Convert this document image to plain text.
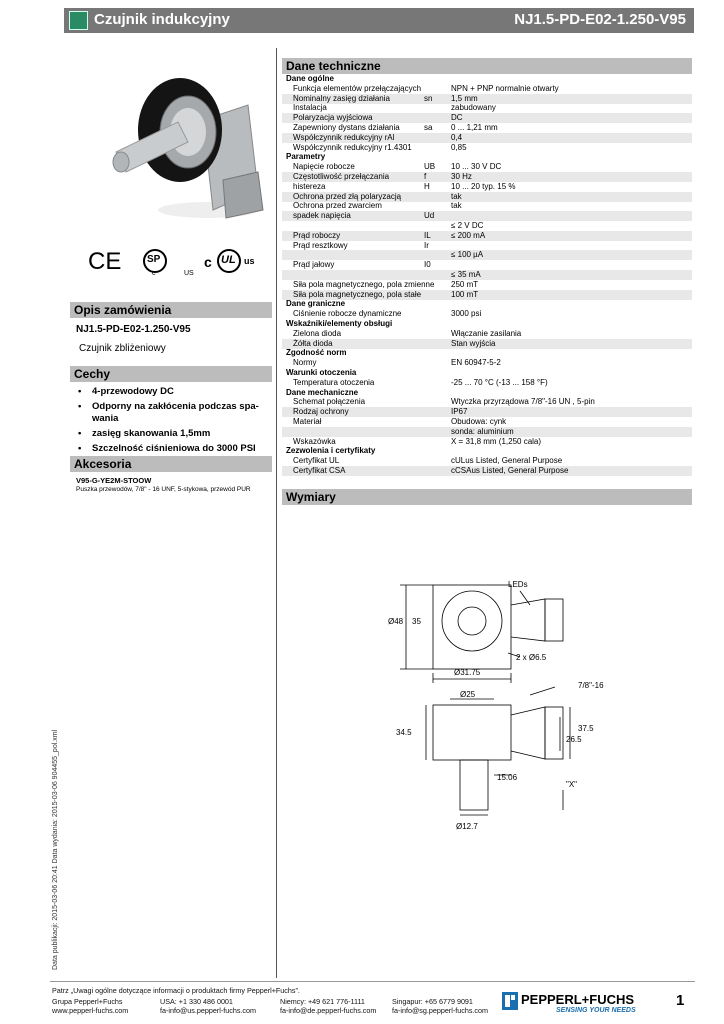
Czujnik indukcyjny	NJ1.5-PD-E02-1.250-V95
CE	SP
c	US
c UL us
Opis zamówienia
NJ1.5-PD-E02-1.250-V95
Czujnik zbliżeniowy
Cechy
• 4-przewodowy DC
• Odporny na zakłócenia podczas spa-wania
• zasięg skanowania 1,5mm
• Szczelność ciśnieniowa do 3000 PSI
Akcesoria
V95-G-YE2M-STOOW
Puszka przewodów, 7/8" - 16 UNF, 5-stykowa, przewód PUR
Dane techniczne
Dane ogólne
Funkcja elementów przełączających	NPN + PNP normalnie otwarty
Nominalny zasięg działania	sn 1,5 mm
Instalacja	zabudowany
Polaryzacja wyjściowa	DC
Zapewniony dystans działania	sa 0 ... 1,21 mm
Współczynnik redukcyjny rAl	0,4
Współczynnik redukcyjny r1.4301	0,85
Parametry
Napięcie robocze	UB 10 ... 30 V DC
Częstotliwość przełączania	f	30 Hz
histereza	H	10 ... 20 typ. 15 %
Ochrona przed złą polaryzacją	tak
Ochrona przed zwarciem	tak
spadek napięcia	Ud
≤ 2 V DC
Prąd roboczy	IL	≤ 200 mA
Prąd resztkowy	Ir
≤ 100 µA
Prąd jałowy	I0
≤ 35 mA
Siła pola magnetycznego, pola zmienne 250 mT
Siła pola magnetycznego, pola stałe	100 mT
Dane graniczne
Ciśnienie robocze dynamiczne	3000 psi
Wskaźniki/elementy obsługi
Zielona dioda	Włączanie zasilania
Żółta dioda	Stan wyjścia
Zgodność norm
Normy	EN 60947-5-2
Warunki otoczenia
Temperatura otoczenia	-25 ... 70 °C (-13 ... 158 °F)
Dane mechaniczne
Schemat połączenia	Wtyczka przyrządowa 7/8"-16 UN , 5-pin
Rodzaj ochrony	IP67
Materiał	Obudowa: cynk
sonda: aluminium
Wskazówka	X = 31,8 mm (1,250 cala)
Zezwolenia i certyfikaty
Certyfikat UL	cULus Listed, General Purpose
Certyfikat CSA	cCSAus Listed, General Purpose
Wymiary
LEDs
Ø48 35
2 x Ø6.5
Ø31.75
7/8"-16
Ø25
34.5	37.5
26.5
15.06
"X"
Ø12.7
Data publikacji: 2015-03-06 20:41 Data wydania: 2015-03-06 904455_pol.xml
Patrz „Uwagi ogólne dotyczące informacji o produktach firmy Pepperl+Fuchs”.
Grupa Pepperl+Fuchs
www.pepperl-fuchs.com
USA: +1 330 486 0001
fa-info@us.pepperl-fuchs.com
Niemcy: +49 621 776-1111
fa-info@de.pepperl-fuchs.com
Singapur: +65 6779 9091
fa-info@sg.pepperl-fuchs.com
PEPPERL+FUCHS
SENSING YOUR NEEDS
1
